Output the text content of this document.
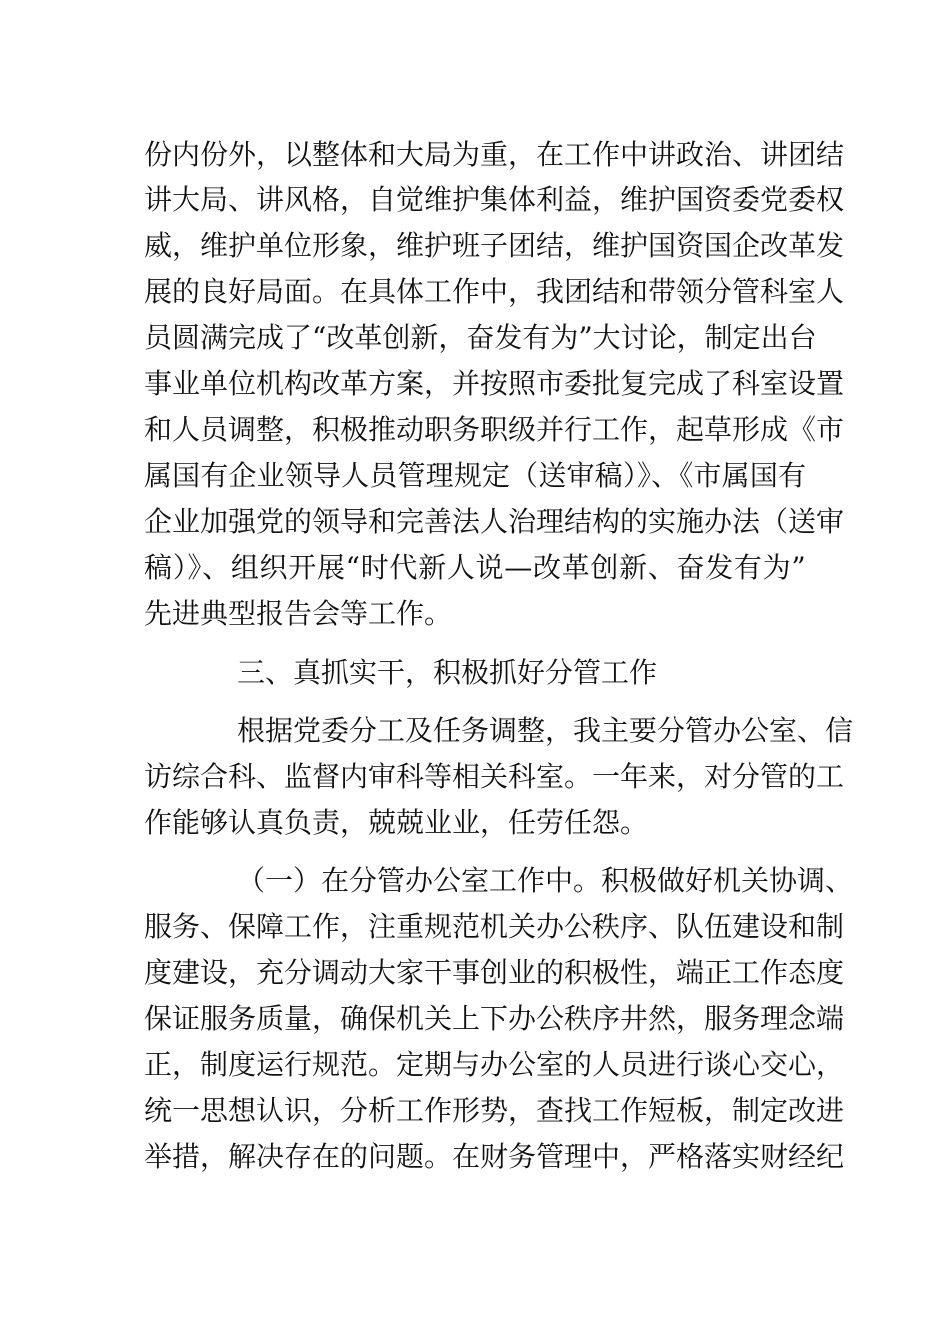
份内份外，以整体和大局为重，在工作中讲政治、讲团结
讲大局、讲风格，自觉维护集体利益，维护国资委党委权
威，维护单位形象，维护班子团结，维护国资国企改革发
展的良好局面。在具体工作中，我团结和带领分管科室人
员圆满完成了“改革创新，奋发有为”大讨论，制定出台
事业单位机构改革方案，并按照市委批复完成了科室设置
和人员调整，积极推动职务职级并行工作，起草形成《市
属国有企业领导人员管理规定（送审稿）》、《市属国有
企业加强党的领导和完善法人治理结构的实施办法（送审
稿）》、组织开展“时代新人说—改革创新、奋发有为”
先进典型报告会等工作。
三、真抓实干，积极抓好分管工作
根据党委分工及任务调整，我主要分管办公室、信
访综合科、监督内审科等相关科室。一年来，对分管的工
作能够认真负责，兢兢业业，任劳任怨。
（一）在分管办公室工作中。积极做好机关协调、
服务、保障工作，注重规范机关办公秩序、队伍建设和制
度建设，充分调动大家干事创业的积极性，端正工作态度
保证服务质量，确保机关上下办公秩序井然，服务理念端
正，制度运行规范。定期与办公室的人员进行谈心交心，
统一思想认识，分析工作形势，查找工作短板，制定改进
举措，解决存在的问题。在财务管理中，严格落实财经纪
